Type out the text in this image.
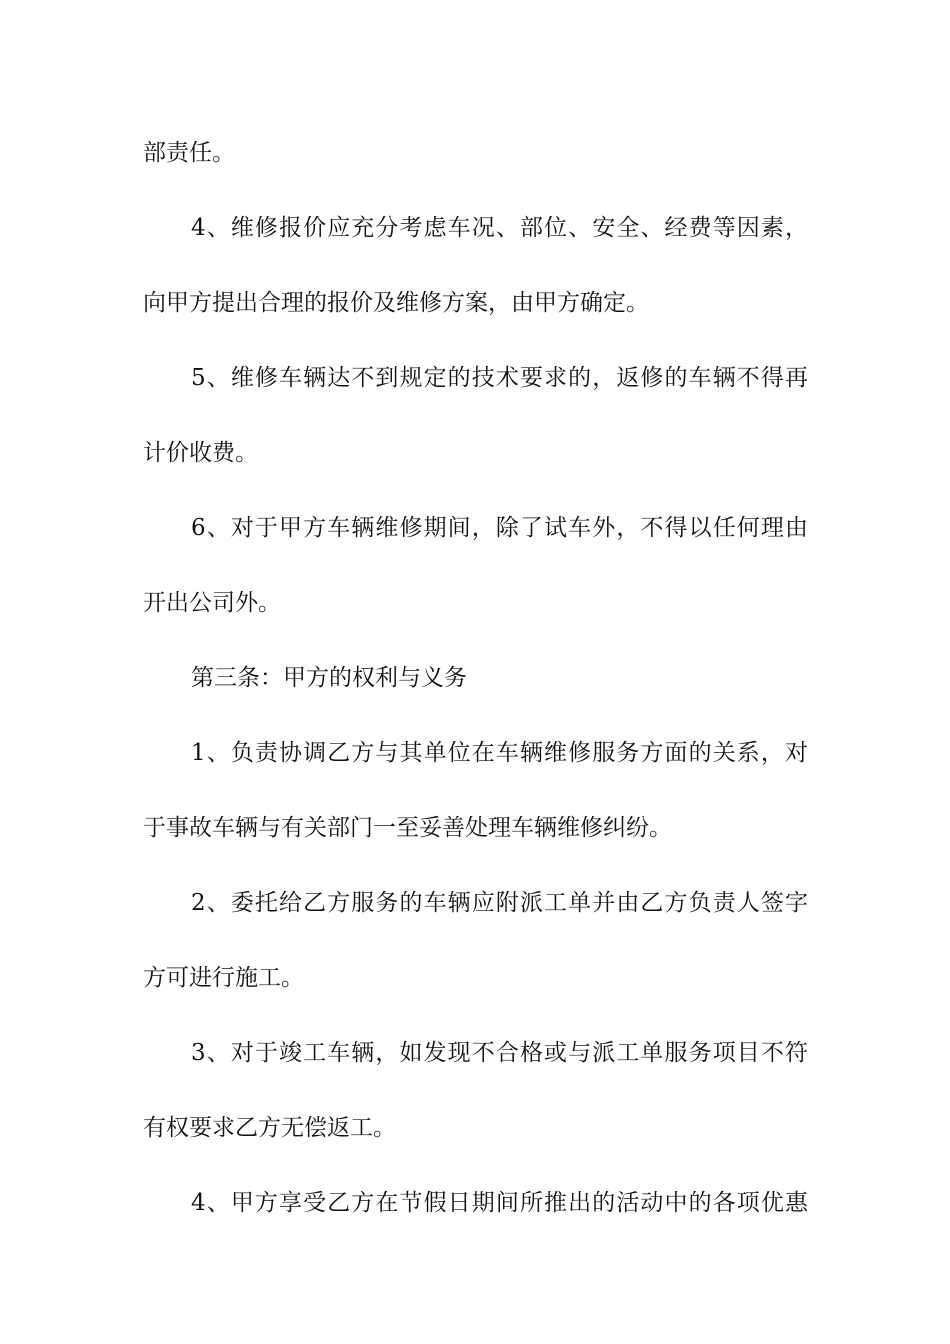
部责任。
4、维修报价应充分考虑车况、部位、安全、经费等因素，
向甲方提出合理的报价及维修方案，由甲方确定。
5、维修车辆达不到规定的技术要求的，返修的车辆不得再
计价收费。
6、对于甲方车辆维修期间，除了试车外，不得以任何理由
开出公司外。
第三条：甲方的权利与义务
1、负责协调乙方与其单位在车辆维修服务方面的关系，对
于事故车辆与有关部门一至妥善处理车辆维修纠纷。
2、委托给乙方服务的车辆应附派工单并由乙方负责人签字
方可进行施工。
3、对于竣工车辆，如发现不合格或与派工单服务项目不符
有权要求乙方无偿返工。
4、甲方享受乙方在节假日期间所推出的活动中的各项优惠
